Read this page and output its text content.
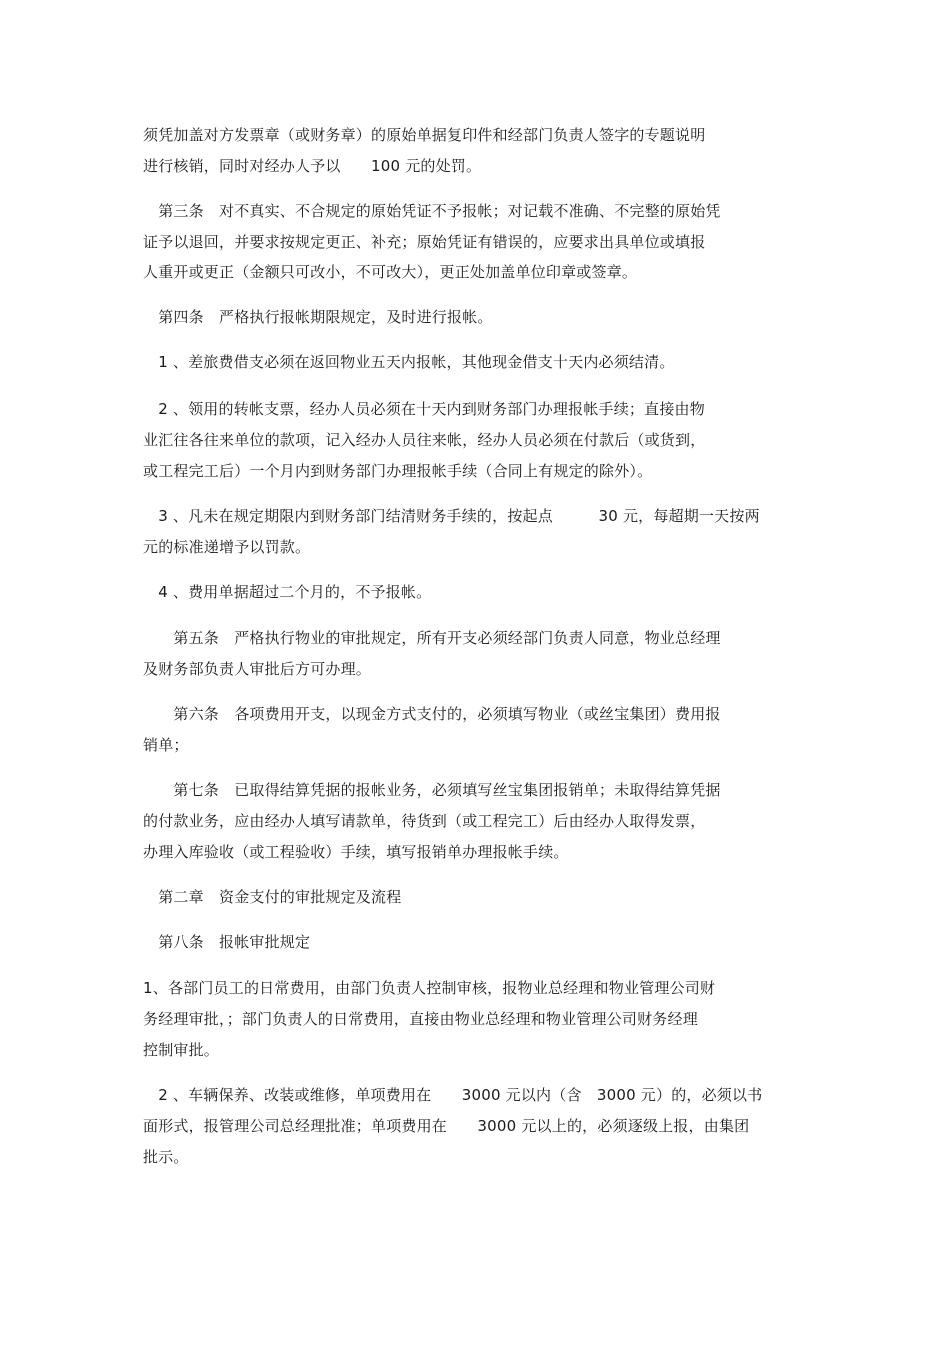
须凭加盖对方发票章（或财务章）的原始单据复印件和经部门负责人签字的专题说明
进行核销，同时对经办人予以　　100 元的处罚。
　第三条　对不真实、不合规定的原始凭证不予报帐；对记载不准确、不完整的原始凭
证予以退回，并要求按规定更正、补充；原始凭证有错误的，应要求出具单位或填报
人重开或更正（金额只可改小，不可改大），更正处加盖单位印章或签章。
　第四条　严格执行报帐期限规定，及时进行报帐。
　1 、差旅费借支必须在返回物业五天内报帐，其他现金借支十天内必须结清。
　2 、领用的转帐支票，经办人员必须在十天内到财务部门办理报帐手续；直接由物
业汇往各往来单位的款项，记入经办人员往来帐，经办人员必须在付款后（或货到，
或工程完工后）一个月内到财务部门办理报帐手续（合同上有规定的除外）。
　3 、凡未在规定期限内到财务部门结清财务手续的，按起点　　　30 元，每超期一天按两
元的标准递增予以罚款。
　4 、费用单据超过二个月的，不予报帐。
　　第五条　严格执行物业的审批规定，所有开支必须经部门负责人同意，物业总经理
及财务部负责人审批后方可办理。
　　第六条　各项费用开支，以现金方式支付的，必须填写物业（或丝宝集团）费用报
销单；
　　第七条　已取得结算凭据的报帐业务，必须填写丝宝集团报销单；未取得结算凭据
的付款业务，应由经办人填写请款单，待货到（或工程完工）后由经办人取得发票，
办理入库验收（或工程验收）手续，填写报销单办理报帐手续。
　第二章　资金支付的审批规定及流程
　第八条　报帐审批规定
1、各部门员工的日常费用，由部门负责人控制审核，报物业总经理和物业管理公司财
务经理审批，；部门负责人的日常费用，直接由物业总经理和物业管理公司财务经理
控制审批。
　2 、车辆保养、改装或维修，单项费用在　　3000 元以内（含　3000 元）的，必须以书
面形式，报管理公司总经理批准；单项费用在　　3000 元以上的，必须逐级上报，由集团
批示。
